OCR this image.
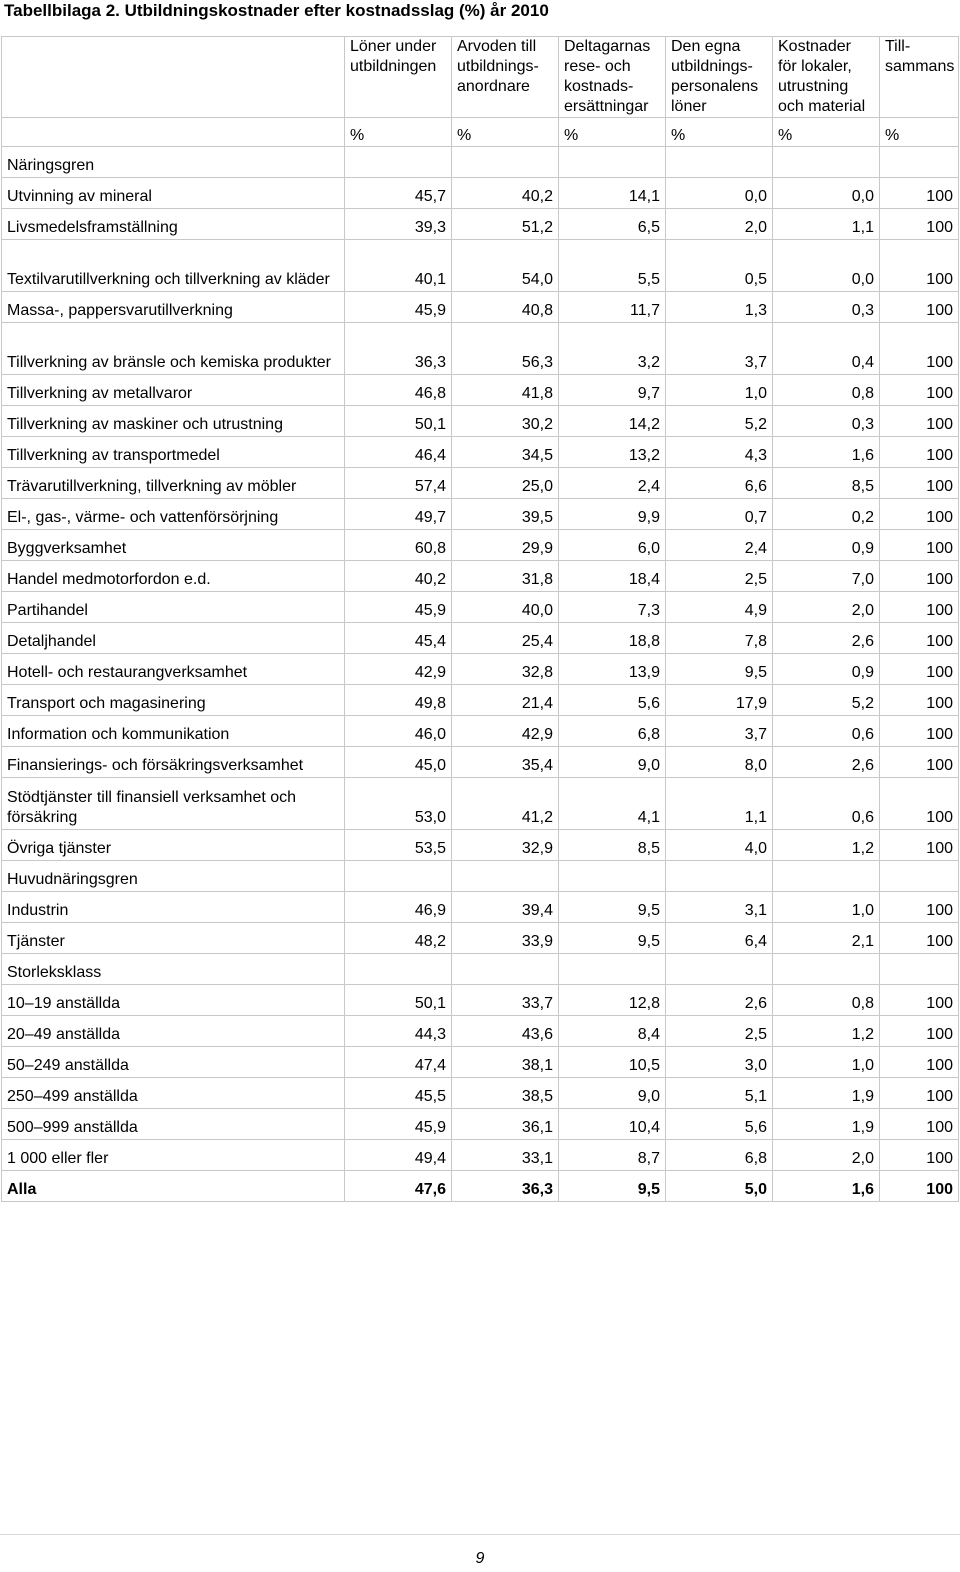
Tabellbilaga 2. Utbildningskostnader efter kostnadsslag (%) år 2010
	Löner under utbildningen	Arvoden till utbildnings- anordnare	Deltagarnas rese- och kostnads- ersättningar	Den egna utbildnings- personalens löner	Kostnader för lokaler, utrustning och material	Till- sammans
	%	%	%	%	%	%
Näringsgren						
Utvinning av mineral	45,7	40,2	14,1	0,0	0,0	100
Livsmedelsframställning	39,3	51,2	6,5	2,0	1,1	100
Textilvarutillverkning och tillverkning av kläder	40,1	54,0	5,5	0,5	0,0	100
Massa-, pappersvarutillverkning	45,9	40,8	11,7	1,3	0,3	100
Tillverkning av bränsle och kemiska produkter	36,3	56,3	3,2	3,7	0,4	100
Tillverkning av metallvaror	46,8	41,8	9,7	1,0	0,8	100
Tillverkning av maskiner och utrustning	50,1	30,2	14,2	5,2	0,3	100
Tillverkning av transportmedel	46,4	34,5	13,2	4,3	1,6	100
Trävarutillverkning, tillverkning av möbler	57,4	25,0	2,4	6,6	8,5	100
El-, gas-, värme- och vattenförsörjning	49,7	39,5	9,9	0,7	0,2	100
Byggverksamhet	60,8	29,9	6,0	2,4	0,9	100
Handel medmotorfordon e.d.	40,2	31,8	18,4	2,5	7,0	100
Partihandel	45,9	40,0	7,3	4,9	2,0	100
Detaljhandel	45,4	25,4	18,8	7,8	2,6	100
Hotell- och restaurangverksamhet	42,9	32,8	13,9	9,5	0,9	100
Transport och magasinering	49,8	21,4	5,6	17,9	5,2	100
Information och kommunikation	46,0	42,9	6,8	3,7	0,6	100
Finansierings- och försäkringsverksamhet	45,0	35,4	9,0	8,0	2,6	100
Stödtjänster till finansiell verksamhet och försäkring	53,0	41,2	4,1	1,1	0,6	100
Övriga tjänster	53,5	32,9	8,5	4,0	1,2	100
Huvudnäringsgren						
Industrin	46,9	39,4	9,5	3,1	1,0	100
Tjänster	48,2	33,9	9,5	6,4	2,1	100
Storleksklass						
10–19 anställda	50,1	33,7	12,8	2,6	0,8	100
20–49 anställda	44,3	43,6	8,4	2,5	1,2	100
50–249 anställda	47,4	38,1	10,5	3,0	1,0	100
250–499 anställda	45,5	38,5	9,0	5,1	1,9	100
500–999 anställda	45,9	36,1	10,4	5,6	1,9	100
1 000 eller fler	49,4	33,1	8,7	6,8	2,0	100
Alla	47,6	36,3	9,5	5,0	1,6	100
9
